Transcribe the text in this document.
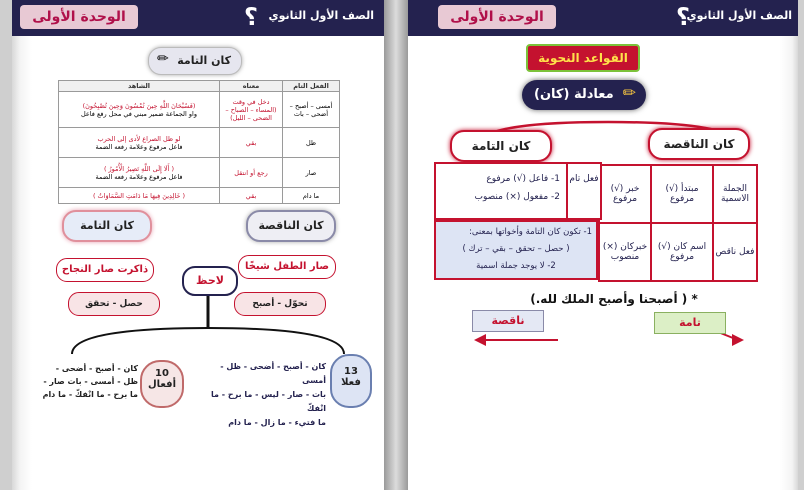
الوحدة الأولى	؟ الصف الأول الثانوي
✏ كان التامة
الفعل التام	معناه	الشاهد
أمسى – أصبح – أضحى – بات	دخل في وقت (المساء – الصباح – الضحى – الليل)	(فَسُبْحَانَ اللَّهِ حِينَ تُمْسُونَ وَحِينَ تُصْبِحُونَ)
واو الجماعة ضمير مبني في محل رفع فاعل

ظل	بقي	لو ظل الصراع لأدى إلى الحرب
فاعل مرفوع وعلامة رفعه الضمة

صار	رجع أو انتقل	( أَلَا إِلَى اللَّهِ تَصِيرُ الْأُمُورُ )
فاعل مرفوع وعلامة رفعه الضمة

ما دام	بقي	( خَالِدِينَ فِيهَا مَا دَامَتِ السَّمَاوَاتُ )
كان الناقصة
كان التامة
صار الطفل شيخًا
ذاكرت صار النجاح
تحوّل - أصبح
حصل - تحقق
لاحظ
13
فعلا
10
أفعال
كان - أصبح - أضحى - ظل - أمسى
بات - صار - ليس - ما برح - ما انْفكّ
ما فتيء - ما زال - ما دام
كان - أصبح - أضحى -
ظل - أمسى - بات صار -
ما برح - ما انْفكّ - ما دام
الوحدة الأولى	؟
الصف الأول الثانوي
القواعد النحوية
✏
معادلة (كان)
كان الناقصة
كان التامة
الجملة الاسمية	مبتدأ (√) مرفوع	خبر (√) مرفوع
فعل ناقص	اسم كان (√) مرفوع	خبركان (×) منصوب
فعل تام
1- فاعل (√) مرفوع
2- مفعول (×) منصوب
1- تكون كان التامة وأخواتها بمعنى:
( حصل – تحقق – بقي – ترك )
2- لا يوجد جملة اسمية
* ( أصبحنا وأصبح الملك لله.)
تامة
ناقصة
